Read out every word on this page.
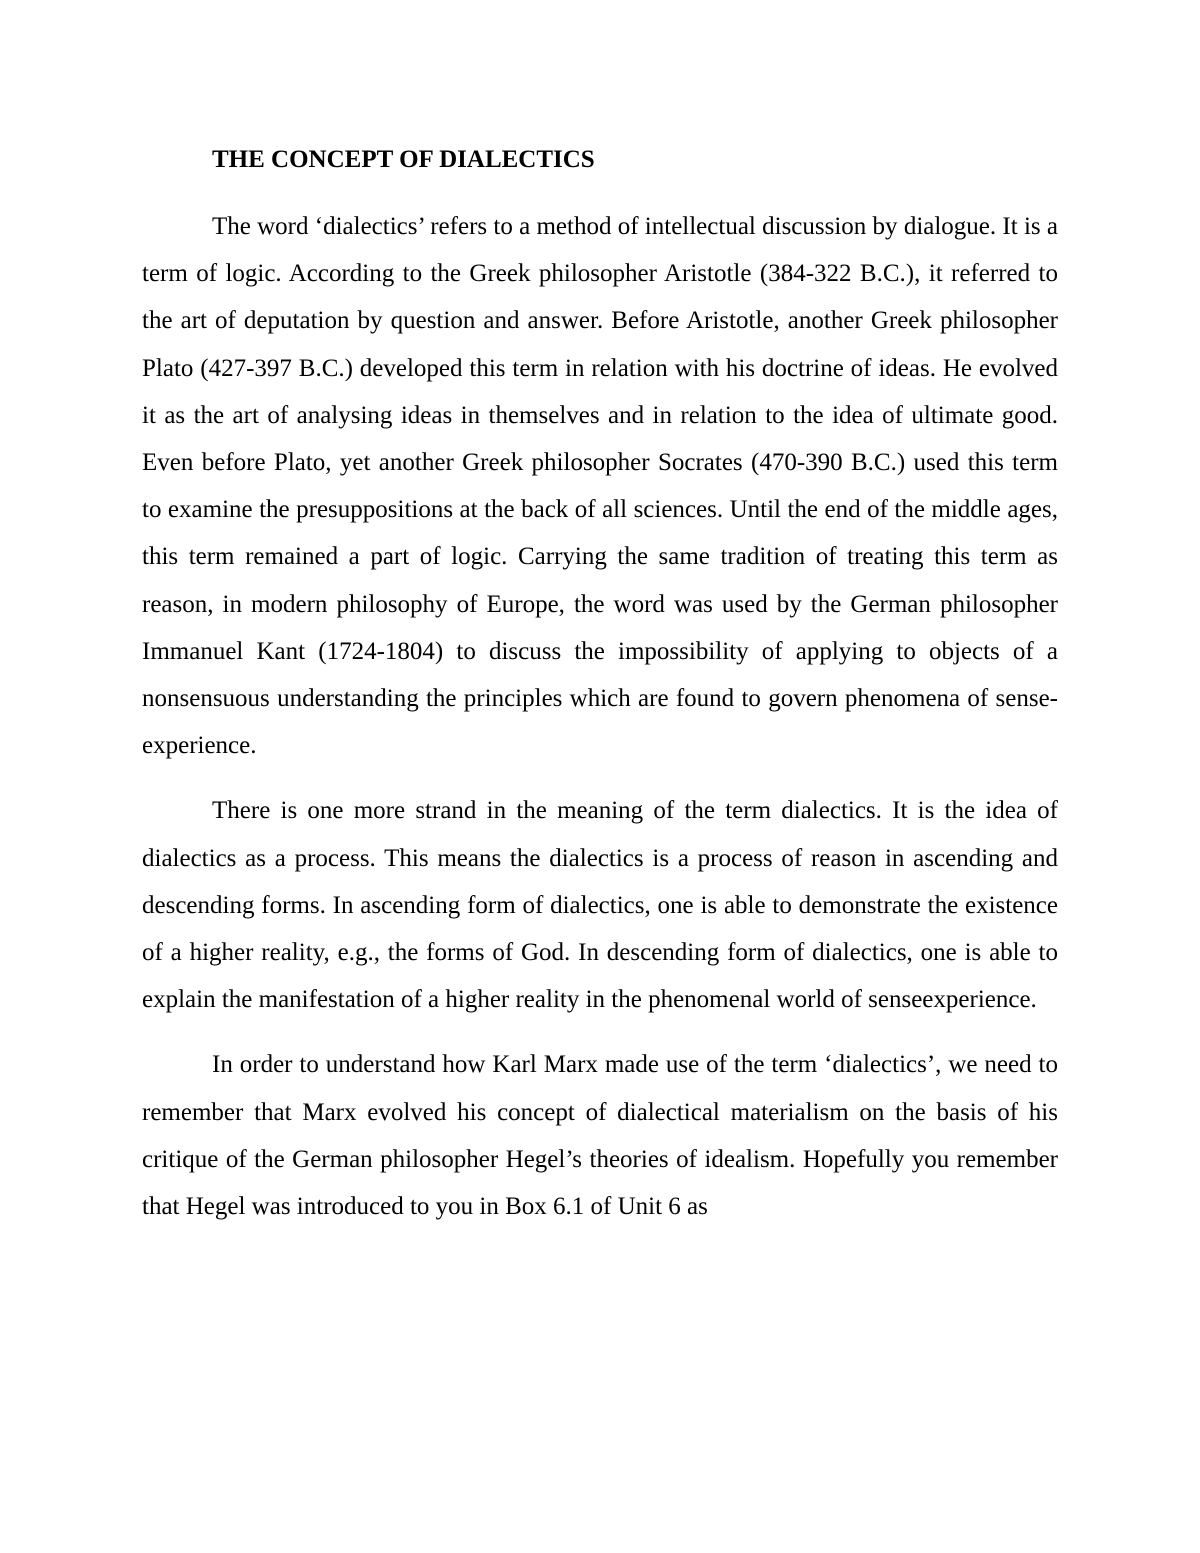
THE CONCEPT OF DIALECTICS

The word ‘dialectics’ refers to a method of intellectual discussion by dialogue. It is a term of logic. According to the Greek philosopher Aristotle (384-322 B.C.), it referred to the art of deputation by question and answer. Before Aristotle, another Greek philosopher Plato (427-397 B.C.) developed this term in relation with his doctrine of ideas. He evolved it as the art of analysing ideas in themselves and in relation to the idea of ultimate good. Even before Plato, yet another Greek philosopher Socrates (470-390 B.C.) used this term to examine the presuppositions at the back of all sciences. Until the end of the middle ages, this term remained a part of logic. Carrying the same tradition of treating this term as reason, in modern philosophy of Europe, the word was used by the German philosopher Immanuel Kant (1724-1804) to discuss the impossibility of applying to objects of a nonsensuous understanding the principles which are found to govern phenomena of sense-experience.

There is one more strand in the meaning of the term dialectics. It is the idea of dialectics as a process. This means the dialectics is a process of reason in ascending and descending forms. In ascending form of dialectics, one is able to demonstrate the existence of a higher reality, e.g., the forms of God. In descending form of dialectics, one is able to explain the manifestation of a higher reality in the phenomenal world of senseexperience.

In order to understand how Karl Marx made use of the term ‘dialectics’, we need to remember that Marx evolved his concept of dialectical materialism on the basis of his critique of the German philosopher Hegel’s theories of idealism. Hopefully you remember that Hegel was introduced to you in Box 6.1 of Unit 6 as
